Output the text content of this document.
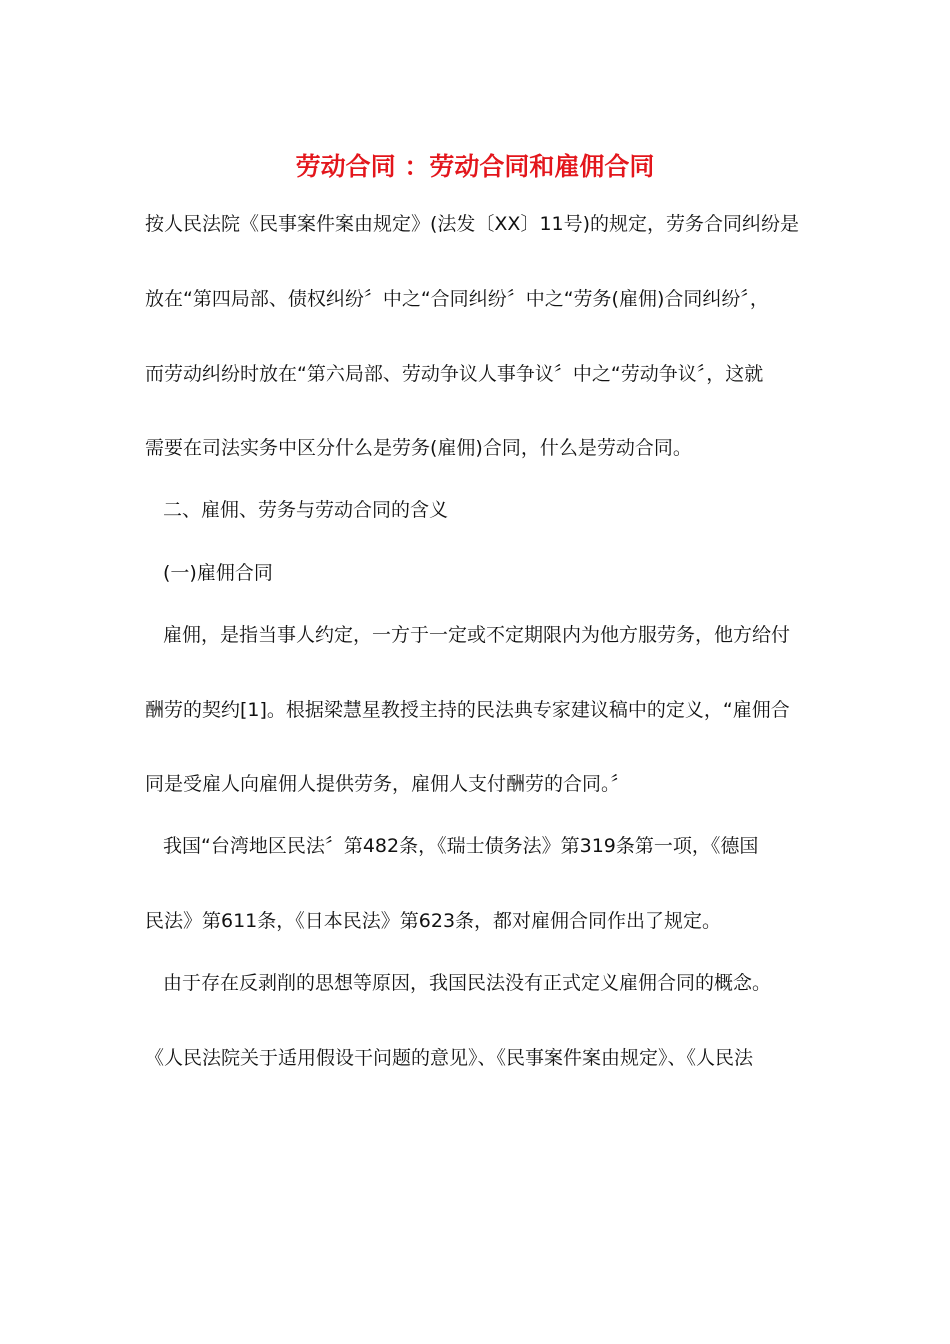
劳动合同 ：劳动合同和雇佣合同
按人民法院《民事案件案由规定》(法发〔XX〕11号)的规定，劳务合同纠纷是
放在“第四局部、债权纠纷〞中之“合同纠纷〞中之“劳务(雇佣)合同纠纷〞，
而劳动纠纷时放在“第六局部、劳动争议人事争议〞中之“劳动争议〞，这就
需要在司法实务中区分什么是劳务(雇佣)合同，什么是劳动合同。
二、雇佣、劳务与劳动合同的含义
(一)雇佣合同
雇佣，是指当事人约定，一方于一定或不定期限内为他方服劳务，他方给付
酬劳的契约[1]。根据梁慧星教授主持的民法典专家建议稿中的定义，“雇佣合
同是受雇人向雇佣人提供劳务，雇佣人支付酬劳的合同。〞
我国“台湾地区民法〞第482条，《瑞士债务法》第319条第一项，《德国
民法》第611条，《日本民法》第623条，都对雇佣合同作出了规定。
由于存在反剥削的思想等原因，我国民法没有正式定义雇佣合同的概念。
《人民法院关于适用假设干问题的意见》、《民事案件案由规定》、《人民法
